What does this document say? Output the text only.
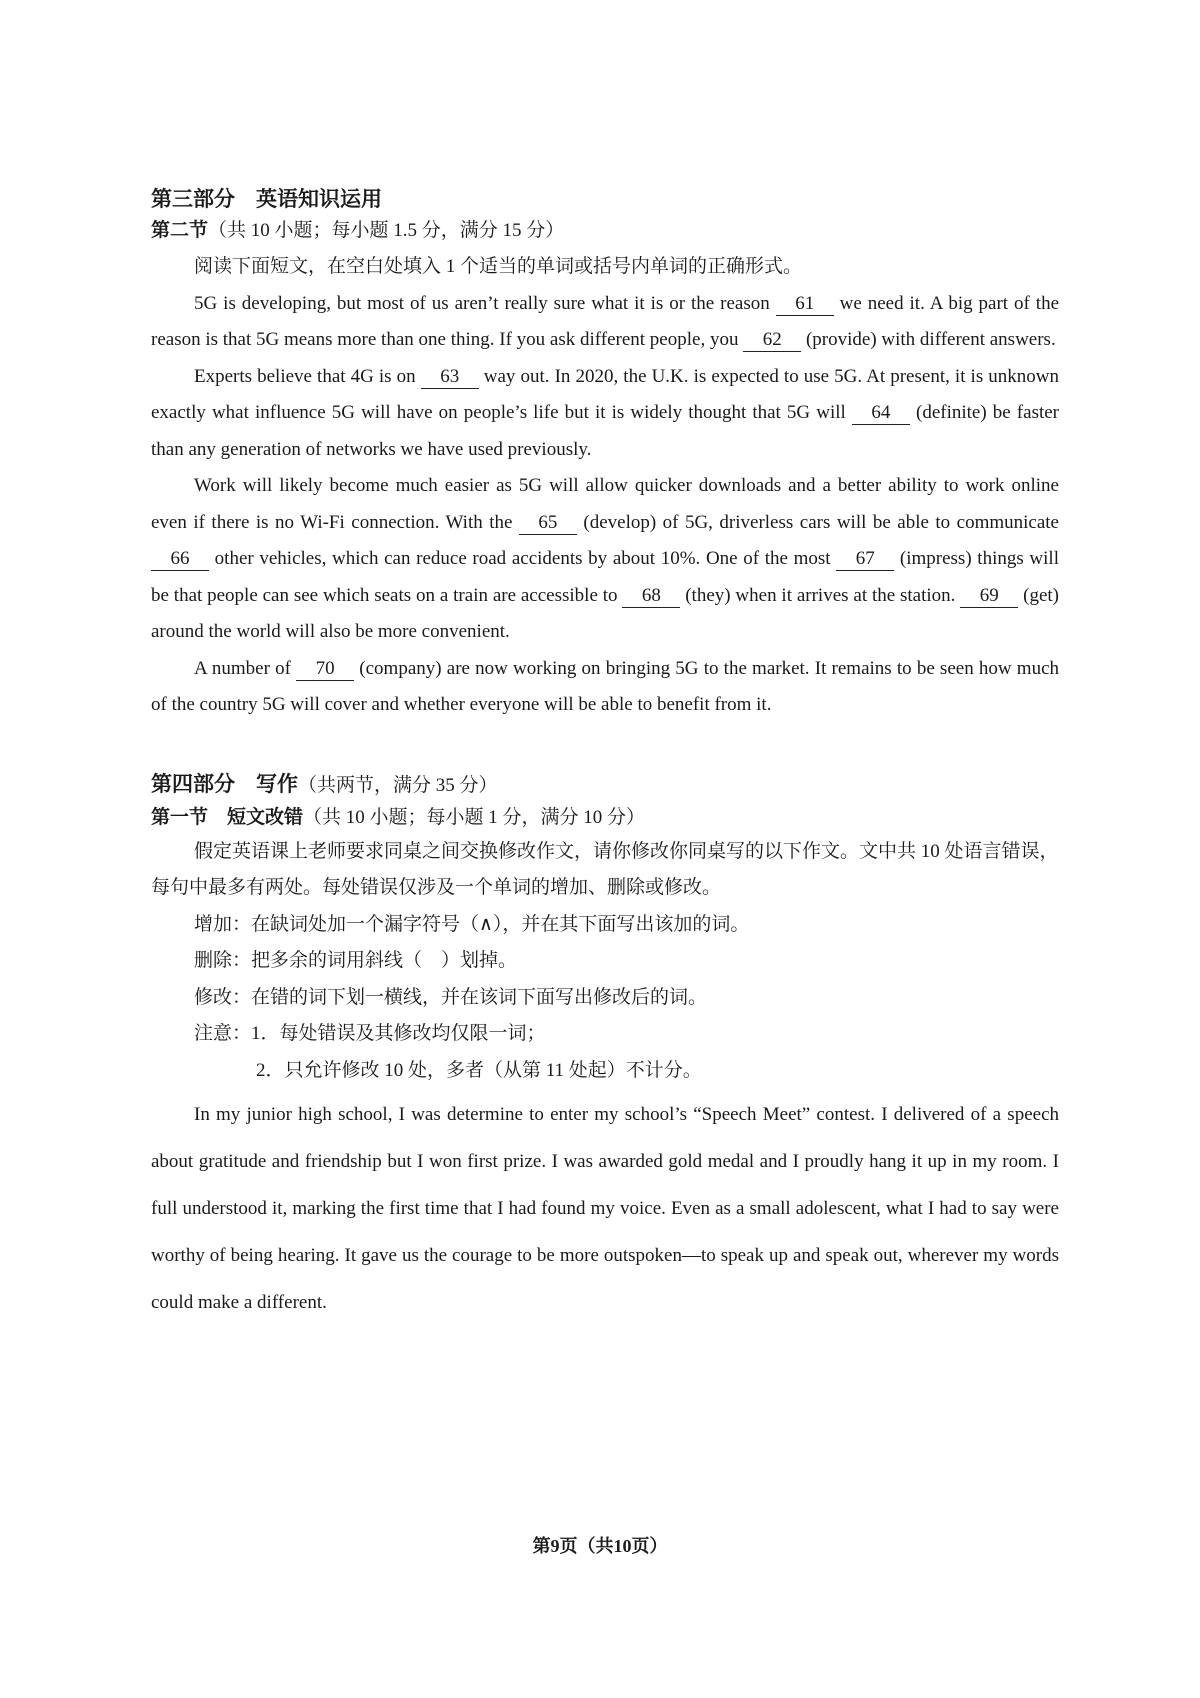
第三部分　英语知识运用
第二节（共 10 小题；每小题 1.5 分，满分 15 分）

阅读下面短文，在空白处填入 1 个适当的单词或括号内单词的正确形式。

5G is developing, but most of us aren’t really sure what it is or the reason 61 we need it. A big part of the reason is that 5G means more than one thing. If you ask different people, you 62 (provide) with different answers.

Experts believe that 4G is on 63 way out. In 2020, the U.K. is expected to use 5G. At present, it is unknown exactly what influence 5G will have on people’s life but it is widely thought that 5G will 64 (definite) be faster than any generation of networks we have used previously.

Work will likely become much easier as 5G will allow quicker downloads and a better ability to work online even if there is no Wi-Fi connection. With the 65 (develop) of 5G, driverless cars will be able to communicate 66 other vehicles, which can reduce road accidents by about 10%. One of the most 67 (impress) things will be that people can see which seats on a train are accessible to 68 (they) when it arrives at the station. 69 (get) around the world will also be more convenient.

A number of 70 (company) are now working on bringing 5G to the market. It remains to be seen how much of the country 5G will cover and whether everyone will be able to benefit from it.

第四部分　写作（共两节，满分 35 分）
第一节　短文改错（共 10 小题；每小题 1 分，满分 10 分）

假定英语课上老师要求同桌之间交换修改作文，请你修改你同桌写的以下作文。文中共 10 处语言错误，每句中最多有两处。每处错误仅涉及一个单词的增加、删除或修改。

增加：在缺词处加一个漏字符号（∧），并在其下面写出该加的词。

删除：把多余的词用斜线（　）划掉。

修改：在错的词下划一横线，并在该词下面写出修改后的词。

注意：1．每处错误及其修改均仅限一词；

2．只允许修改 10 处，多者（从第 11 处起）不计分。

In my junior high school, I was determine to enter my school’s “Speech Meet” contest. I delivered of a speech about gratitude and friendship but I won first prize. I was awarded gold medal and I proudly hang it up in my room. I full understood it, marking the first time that I had found my voice. Even as a small adolescent, what I had to say were worthy of being hearing. It gave us the courage to be more outspoken—to speak up and speak out, wherever my words could make a different.

第9页（共10页）
